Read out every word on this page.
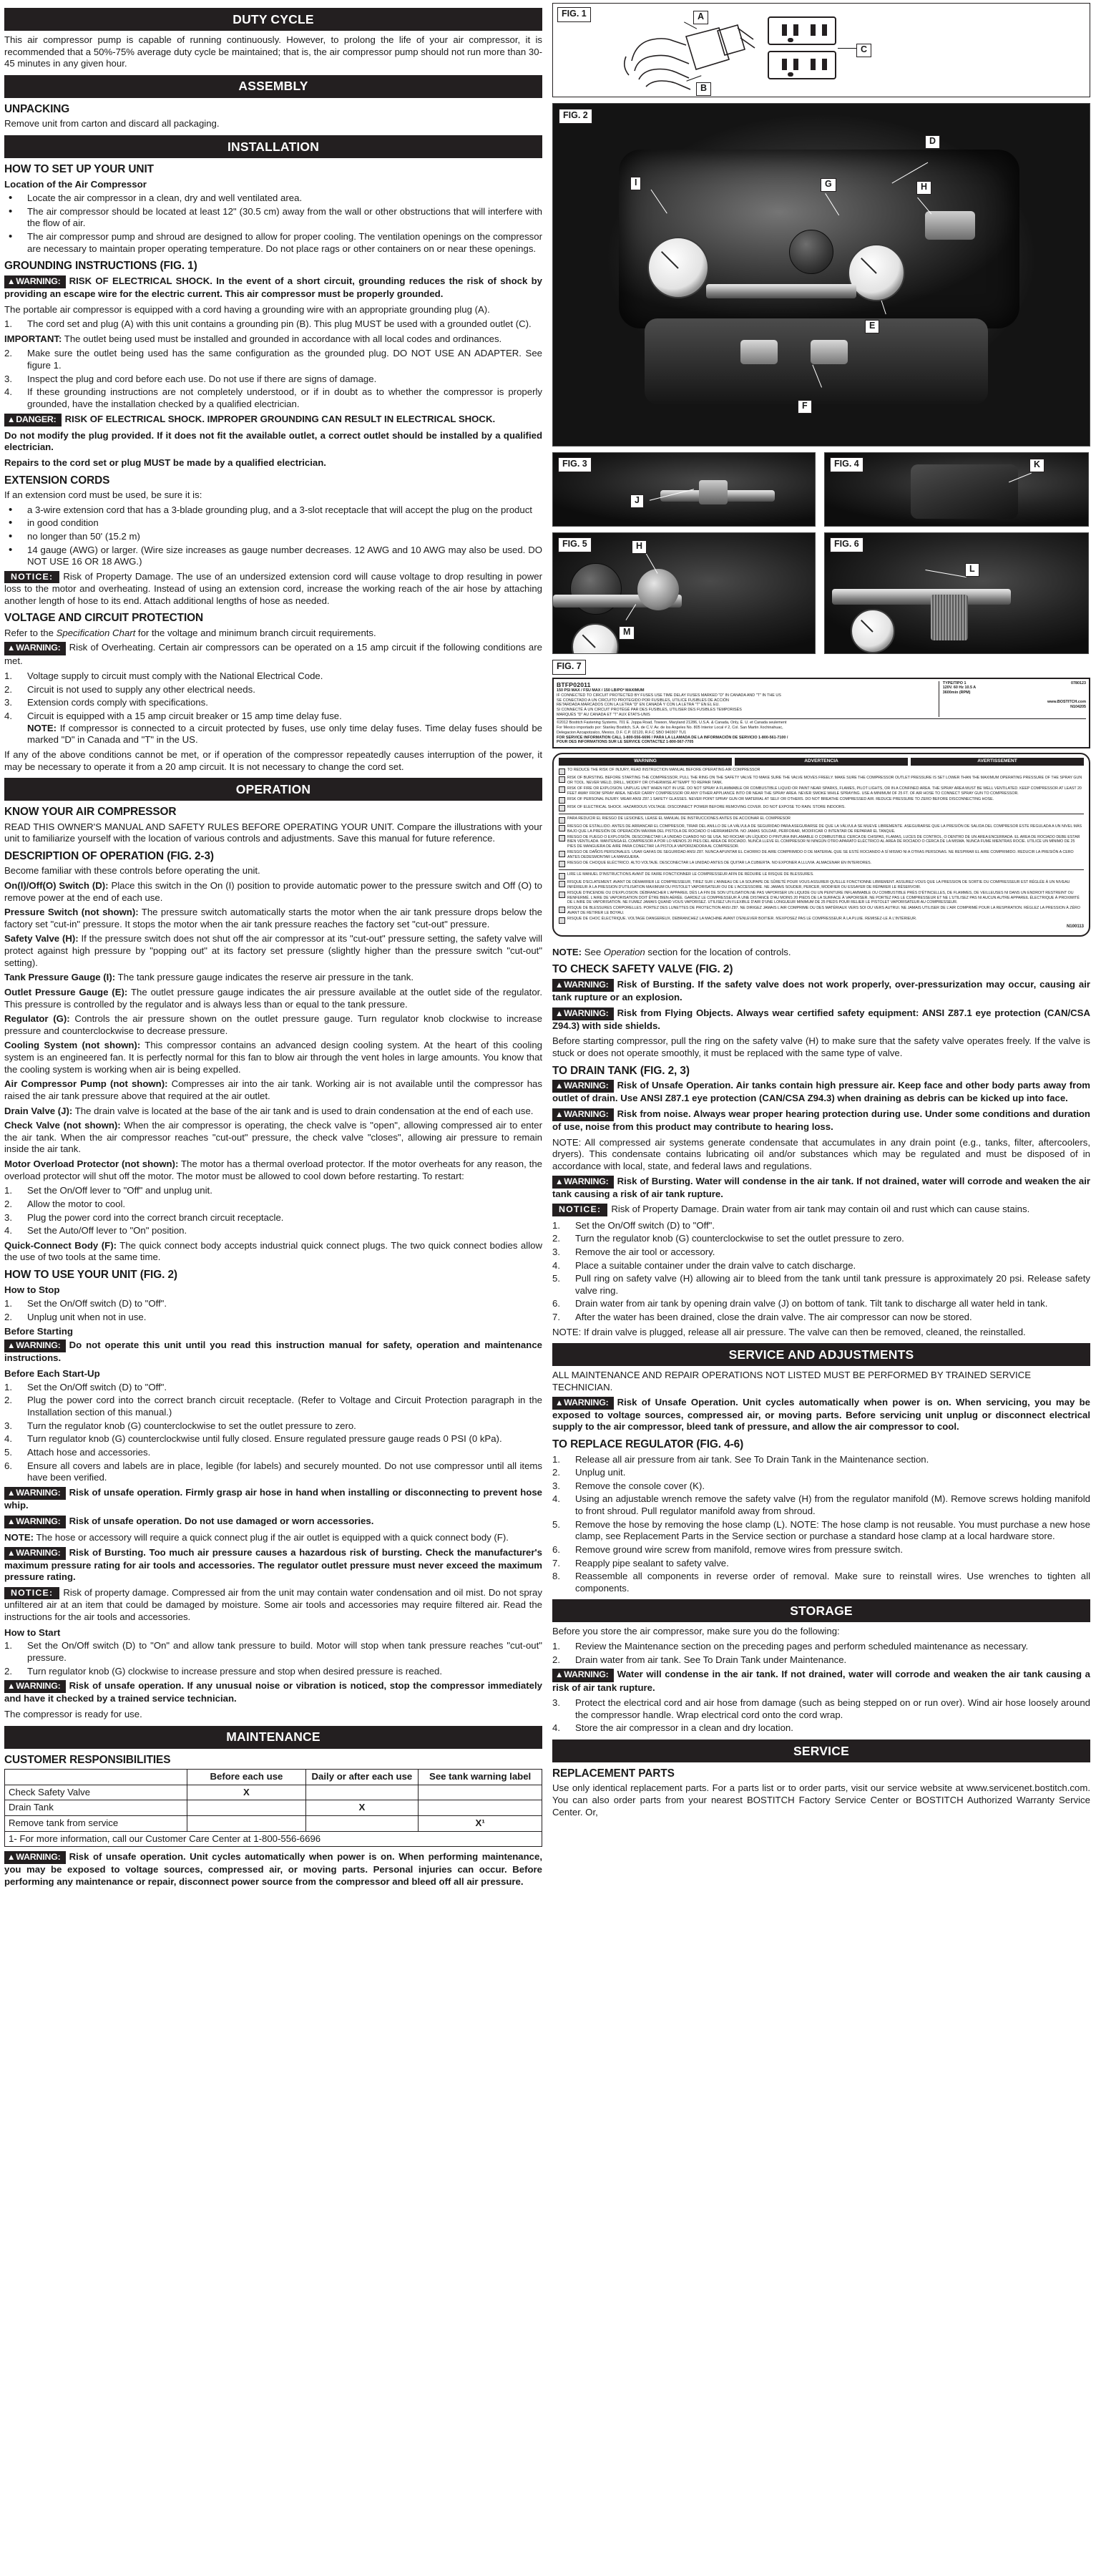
DUTY CYCLE

This air compressor pump is capable of running continuously. However, to prolong the life of your air compressor, it is recommended that a 50%-75% average duty cycle be maintained; that is, the air compressor pump should not run more than 30-45 minutes in any given hour.

ASSEMBLY
UNPACKING

Remove unit from carton and discard all packaging.

INSTALLATION
HOW TO SET UP YOUR UNIT
Location of the Air Compressor
• Locate the air compressor in a clean, dry and well ventilated area.
• The air compressor should be located at least 12" (30.5 cm) away from the wall or other obstructions that will interfere with the flow of air.
• The air compressor pump and shroud are designed to allow for proper cooling. The ventilation openings on the compressor are necessary to maintain proper operating temperature. Do not place rags or other containers on or near these openings.
GROUNDING INSTRUCTIONS (FIG. 1)

▲WARNING: RISK OF ELECTRICAL SHOCK. In the event of a short circuit, grounding reduces the risk of shock by providing an escape wire for the electric current. This air compressor must be properly grounded.

The portable air compressor is equipped with a cord having a grounding wire with an appropriate grounding plug (A).

1.	The cord set and plug (A) with this unit contains a grounding pin (B). This plug MUST be used with a grounded outlet (C).

IMPORTANT: The outlet being used must be installed and grounded in accordance with all local codes and ordinances.

2.	Make sure the outlet being used has the same configuration as the grounded plug. DO NOT USE AN ADAPTER. See figure 1.
3.	Inspect the plug and cord before each use. Do not use if there are signs of damage.
4.	If these grounding instructions are not completely understood, or if in doubt as to whether the compressor is properly grounded, have the installation checked by a qualified electrician.

▲DANGER: RISK OF ELECTRICAL SHOCK. IMPROPER GROUNDING CAN RESULT IN ELECTRICAL SHOCK.

Do not modify the plug provided. If it does not fit the available outlet, a correct outlet should be installed by a qualified electrician.

Repairs to the cord set or plug MUST be made by a qualified electrician.

EXTENSION CORDS

If an extension cord must be used, be sure it is:

• a 3-wire extension cord that has a 3-blade grounding plug, and a 3-slot receptacle that will accept the plug on the product
• in good condition
• no longer than 50' (15.2 m)
• 14 gauge (AWG) or larger. (Wire size increases as gauge number decreases. 12 AWG and 10 AWG may also be used. DO NOT USE 16 OR 18 AWG.)

NOTICE: Risk of Property Damage. The use of an undersized extension cord will cause voltage to drop resulting in power loss to the motor and overheating. Instead of using an extension cord, increase the working reach of the air hose by attaching another length of hose to its end. Attach additional lengths of hose as needed.

VOLTAGE AND CIRCUIT PROTECTION

Refer to the Specification Chart for the voltage and minimum branch circuit requirements.

▲WARNING: Risk of Overheating. Certain air compressors can be operated on a 15 amp circuit if the following conditions are met.

1.	Voltage supply to circuit must comply with the National Electrical Code.
2.	Circuit is not used to supply any other electrical needs.
3.	Extension cords comply with specifications.
4.	Circuit is equipped with a 15 amp circuit breaker or 15 amp time delay fuse.
NOTE: If compressor is connected to a circuit protected by fuses, use only time delay fuses. Time delay fuses should be marked "D" in Canada and "T" in the US.

If any of the above conditions cannot be met, or if operation of the compressor repeatedly causes interruption of the power, it may be necessary to operate it from a 20 amp circuit. It is not necessary to change the cord set.

OPERATION
KNOW YOUR AIR COMPRESSOR

READ THIS OWNER'S MANUAL AND SAFETY RULES BEFORE OPERATING YOUR UNIT. Compare the illustrations with your unit to familiarize yourself with the location of various controls and adjustments. Save this manual for future reference.

DESCRIPTION OF OPERATION (FIG. 2-3)

Become familiar with these controls before operating the unit.

On(I)/Off(O) Switch (D): Place this switch in the On (I) position to provide automatic power to the pressure switch and Off (O) to remove power at the end of each use.

Pressure Switch (not shown): The pressure switch automatically starts the motor when the air tank pressure drops below the factory set "cut-in" pressure. It stops the motor when the air tank pressure reaches the factory set "cut-out" pressure.

Safety Valve (H): If the pressure switch does not shut off the air compressor at its "cut-out" pressure setting, the safety valve will protect against high pressure by "popping out" at its factory set pressure (slightly higher than the pressure switch "cut-out" setting).

Tank Pressure Gauge (I): The tank pressure gauge indicates the reserve air pressure in the tank.

Outlet Pressure Gauge (E): The outlet pressure gauge indicates the air pressure available at the outlet side of the regulator. This pressure is controlled by the regulator and is always less than or equal to the tank pressure.

Regulator (G): Controls the air pressure shown on the outlet pressure gauge. Turn regulator knob clockwise to increase pressure and counterclockwise to decrease pressure.

Cooling System (not shown): This compressor contains an advanced design cooling system. At the heart of this cooling system is an engineered fan. It is perfectly normal for this fan to blow air through the vent holes in large amounts. You know that the cooling system is working when air is being expelled.

Air Compressor Pump (not shown): Compresses air into the air tank. Working air is not available until the compressor has raised the air tank pressure above that required at the air outlet.

Drain Valve (J): The drain valve is located at the base of the air tank and is used to drain condensation at the end of each use.

Check Valve (not shown): When the air compressor is operating, the check valve is "open", allowing compressed air to enter the air tank. When the air compressor reaches "cut-out" pressure, the check valve "closes", allowing air pressure to remain inside the air tank.

Motor Overload Protector (not shown): The motor has a thermal overload protector. If the motor overheats for any reason, the overload protector will shut off the motor. The motor must be allowed to cool down before restarting. To restart:

1.	Set the On/Off lever to "Off" and unplug unit.
2.	Allow the motor to cool.
3.	Plug the power cord into the correct branch circuit receptacle.
4.	Set the Auto/Off lever to "On" position.

Quick-Connect Body (F): The quick connect body accepts industrial quick connect plugs. The two quick connect bodies allow the use of two tools at the same time.

HOW TO USE YOUR UNIT (FIG. 2)
How to Stop
1.	Set the On/Off switch (D) to "Off".
2.	Unplug unit when not in use.
Before Starting

▲WARNING: Do not operate this unit until you read this instruction manual for safety, operation and maintenance instructions.

Before Each Start-Up
1.	Set the On/Off switch (D) to "Off".
2.	Plug the power cord into the correct branch circuit receptacle. (Refer to Voltage and Circuit Protection paragraph in the Installation section of this manual.)
3.	Turn the regulator knob (G) counterclockwise to set the outlet pressure to zero.
4.	Turn regulator knob (G) counterclockwise until fully closed. Ensure regulated pressure gauge reads 0 PSI (0 kPa).
5.	Attach hose and accessories.
6.	Ensure all covers and labels are in place, legible (for labels) and securely mounted. Do not use compressor until all items have been verified.

▲WARNING: Risk of unsafe operation. Firmly grasp air hose in hand when installing or disconnecting to prevent hose whip.

▲WARNING: Risk of unsafe operation. Do not use damaged or worn accessories.

NOTE: The hose or accessory will require a quick connect plug if the air outlet is equipped with a quick connect body (F).

▲WARNING: Risk of Bursting. Too much air pressure causes a hazardous risk of bursting. Check the manufacturer's maximum pressure rating for air tools and accessories. The regulator outlet pressure must never exceed the maximum pressure rating.

NOTICE: Risk of property damage. Compressed air from the unit may contain water condensation and oil mist. Do not spray unfiltered air at an item that could be damaged by moisture. Some air tools and accessories may require filtered air. Read the instructions for the air tools and accessories.

How to Start
1.	Set the On/Off switch (D) to "On" and allow tank pressure to build. Motor will stop when tank pressure reaches "cut-out" pressure.
2.	Turn regulator knob (G) clockwise to increase pressure and stop when desired pressure is reached.

▲WARNING: Risk of unsafe operation. If any unusual noise or vibration is noticed, stop the compressor immediately and have it checked by a trained service technician.

The compressor is ready for use.

MAINTENANCE
CUSTOMER RESPONSIBILITIES
	Before each use	Daily or after each use	See tank warning label
Check Safety Valve	X		
Drain Tank		X	
Remove tank from service			X¹
1- For more information, call our Customer Care Center at 1-800-556-6696			

▲WARNING: Risk of unsafe operation. Unit cycles automatically when power is on. When performing maintenance, you may be exposed to voltage sources, compressed air, or moving parts. Personal injuries can occur. Before performing any maintenance or repair, disconnect power source from the compressor and bleed off all air pressure.

FIG. 1	A
B
C
FIG. 2
D
E
F
G	H
I
FIG. 3
J
FIG. 4	K
FIG. 5	H
M
FIG. 6
L
FIG. 7
BTFP02011
150 PSI MAX / FSU MAX / 150 LB/PO² MAXIMUM
IF CONNECTED TO CIRCUIT PROTECTED BY FUSES USE TIME DELAY FUSES MARKED "D" IN CANADA AND "T" IN THE US
SE CONECTADO A UN CIRCUITO PROTEGIDO POR FUSIBLES, UTILICE FUSIBLES DE ACCIÓN
RETARDADA MARCADOS CON LA LETRA "D" EN CANADÁ Y CON LA LETRA "T" EN EL EU.
SI CONNECTÉ À UN CIRCUIT PROTÉGÉ PAR DES FUSIBLES, UTILISER DES FUSIBLES TEMPORISÉS
MARQUÉS "D" AU CANADA ET "T" AUX ÉTATS-UNIS
TYPE/TIPO 1	0780123
120V. 60 Hz 10.5 A
3600min (RPM)
www.BOSTITCH.com
N104205
©2012 Bostitch Fastening Systems, 701 E. Joppa Road, Towson, Maryland 21286, U.S.A. & Canada, Only, É. U. et Canada seulement
For Mexico importado por: Stanley Bostitch, S.A. de C.V. Av. de los Angeles No. 805 Interior Local # 2, Col. San Martin Xochinahuac,
Delegacion Azcapotzalco, Mexico, D.F. C.P. 02120, R.F.C SBO 940307 TU1
FOR SERVICE INFORMATION CALL 1-800-556-6696 / PARA LA LLAMADA DE LA INFORMACIÓN DE SERVICIO 1-800-561-7100 /
POUR DES INFORMATIONS SUR LE SERVICE CONTACTEZ 1-800-567-7705
WARNING	ADVERTENCIA	AVERTISSEMENT
TO REDUCE THE RISK OF INJURY, READ INSTRUCTION MANUAL BEFORE OPERATING AIR COMPRESSOR
RISK OF BURSTING. BEFORE STARTING THE COMPRESSOR, PULL THE RING ON THE SAFETY VALVE TO MAKE SURE THE VALVE MOVES FREELY. MAKE SURE THE COMPRESSOR OUTLET PRESSURE IS SET LOWER THAN THE MAXIMUM OPERATING PRESSURE OF THE SPRAY GUN OR TOOL. NEVER WELD, DRILL, MODIFY OR OTHERWISE ATTEMPT TO REPAIR TANK.
RISK OF FIRE OR EXPLOSION. UNPLUG UNIT WHEN NOT IN USE. DO NOT SPRAY A FLAMMABLE OR COMBUSTIBLE LIQUID OR PAINT NEAR SPARKS, FLAMES, PILOT LIGHTS, OR IN A CONFINED AREA. THE SPRAY AREA MUST BE WELL VENTILATED. KEEP COMPRESSOR AT LEAST 20 FEET AWAY FROM SPRAY AREA. NEVER CARRY COMPRESSOR OR ANY OTHER APPLIANCE INTO OR NEAR THE SPRAY AREA. NEVER SMOKE WHILE SPRAYING. USE A MINIMUM OF 25 FT. OF AIR HOSE TO CONNECT SPRAY GUN TO COMPRESSOR.
RISK OF PERSONAL INJURY. WEAR ANSI Z87.1 SAFETY GLASSES. NEVER POINT SPRAY GUN OR MATERIAL AT SELF OR OTHERS. DO NOT BREATHE COMPRESSED AIR. REDUCE PRESSURE TO ZERO BEFORE DISCONNECTING HOSE.
RISK OF ELECTRICAL SHOCK. HAZARDOUS VOLTAGE. DISCONNECT POWER BEFORE REMOVING COVER. DO NOT EXPOSE TO RAIN. STORE INDOORS.
PARA REDUCIR EL RIESGO DE LESIONES, LEASE EL MANUAL DE INSTRUCCIONES ANTES DE ACCIONAR EL COMPRESOR
RIESGO DE ESTALLIDO. ANTES DE ARRANCAR EL COMPRESOR, TIRAR DEL ANILLO DE LA VÁLVULA DE SEGURIDAD PARA ASEGURARSE DE QUE LA VÁLVULA SE MUEVE LIBREMENTE. ASEGURARSE QUE LA PRESIÓN DE SALIDA DEL COMPRESOR ESTE REGULADA A UN NIVEL MÁS BAJO QUE LA PRESIÓN DE OPERACIÓN MÁXIMA DEL PISTOLA DE ROCIADO O HERRAMIENTA. NO JAMAS SOLDAR, PERFORAR, MODIFICAR O INTENTAR DE REPARAR EL TANQUE.
RIESGO DE FUEGO O EXPLOSIÓN. DESCONECTAR LA UNIDAD CUANDO NO SE USA. NO ROCIAR UN LÍQUIDO O PINTURA INFLAMABLE O COMBUSTIBLE CERCA DE CHISPAS, FLAMAS, LUCES DE CONTROL, O DENTRO DE UN AREA ENCERRADA. EL AREA DE ROCIADO DEBE ESTAR BIEN VENTILADA. MANTENGA EL COMPRESOR A POR LO MENOS 20 PIES DEL AREA DE ROCIADO. NUNCA LLEVE EL COMPRESOR NI NINGÚN OTRO APARATO ELÉCTRICO AL AREA DE ROCIADO O CERCA DE LA MISMA. NUNCA FUME MIENTRAS ROCIE. UTILICE UN MÍNIMO DE 25 PIES DE MANGUERA DE AIRE PARA CONECTAR LA PISTOLA VAPORIZADORA AL COMPRESOR.
RIESGO DE DAÑOS PERSONALES. USAR GAFAS DE SEGURIDAD ANSI Z87. NUNCA APUNTAR EL CHORRO DE AIRE COMPRIMIDO O DE MATERIAL QUE SE ESTÉ ROCIANDO A SÍ MISMO NI A OTRAS PERSONAS. NE RESPIRAR EL AIRE COMPRIMIDO. REDUCIR LA PRESIÓN A CERO ANTES DEDESMONTAR LA MANGUERA.
RIESGO DE CHOQUE ELÉCTRICO. ALTO VOLTAJE. DESCONECTAR LA UNIDAD ANTES DE QUITAR LA CUBIERTA. NO EXPONER A LLUVIA. ALMACENAR EN INTERIORES.
LIRE LE MANUEL D'INSTRUCTIONS AVANT DE FAIRE FONCTIONNER LE COMPRESSEUR AFIN DE RÉDUIRE LE RISQUE DE BLESSURES.
RISQUE D'ECLATEMENT. AVANT DE DÉMARRER LE COMPRESSEUR, TIREZ SUR L'ANNEAU DE LA SOUPAPE DE SÛRETÉ POUR VOUS ASSURER QU'ELLE FONCTIONNE LIBREMENT. ASSUREZ-VOUS QUE LA PRESSION DE SORTIE DU COMPRESSEUR EST RÉGLÉE À UN NIVEAU INFÉRIEUR À LA PRESSION D'UTILISATION MAXIMUM DU PISTOLET VAPORISATEUR OU DE L'ACCESSOIRE. NE JAMAIS SOUDER, PERCER, MODIFIER OU ESSAYER DE RÉPARER LE RÉSERVOIR.
RISQUE D'INCENDIE OU D'EXPLOSION. DÉBRANCHER L'APPAREIL DÈS LA FIN DE SON UTILISATION.NE PAS VAPORISER UN LIQUIDE OU UN PEINTURE INFLAMMABLE OU COMBUSTIBLE PRÈS D'ÉTINCELLES, DE FLAMMES, DE VEILLEUSES NI DANS UN ENDROIT RESTREINT OU RENFERMÉ. L'AIRE DE VAPORISATION DOIT ÊTRE BIEN AÉRÉE. GARDEZ LE COMPRESSEUR À UNE DISTANCE D'AU MOINS 20 PIEDS DE LA SURFACE À VAPORISER. NE PORTEZ PAS LE COMPRESSEUR ET NE L'UTILISEZ PAS NI AUCUN AUTRE APPAREIL ÉLECTRIQUE À PROXIMITÉ DE L'AIRE DE VAPORISATION. NE FUMEZ JAMAIS QUAND VOUS VAPORISEZ. UTILISEZ UN FLEXIBLE D'AIR D'UNE LONGUEUR MINIMUM DE 25 PIEDS POUR RELIER LE PISTOLET VAPORISATEUR AU COMPRESSEUR.
RISQUE DE BLESSURES CORPORELLES. PORTEZ DES LUNETTES DE PROTECTION ANSI Z87. NE DIRIGEZ JAMAIS L'AIR COMPRIME OU DES MATÉRIAUX VERS SOI OU VERS AUTRUI. NE JAMAIS UTILISER DE L'AIR COMPRIMÉ POUR LA RESPIRATION. RÉGLEZ LA PRESSION À ZÉRO AVANT DE RETIRER LE BOYAU.
RISQUE DE CHOC ÉLECTRIQUE. VOLTAGE DANGEREUX. DEBRANCHEZ LA MACHINE AVANT D'ENLEVER BOITIER. N'EXPOSEZ PAS LE COMPRESSEUR À LA PLUIE. REMISEZ-LE À L'INTÉRIEUR.
N100113

NOTE: See Operation section for the location of controls.

TO CHECK SAFETY VALVE (FIG. 2)

▲WARNING: Risk of Bursting. If the safety valve does not work properly, over-pressurization may occur, causing air tank rupture or an explosion.

▲WARNING: Risk from Flying Objects. Always wear certified safety equipment: ANSI Z87.1 eye protection (CAN/CSA Z94.3) with side shields.

Before starting compressor, pull the ring on the safety valve (H) to make sure that the safety valve operates freely. If the valve is stuck or does not operate smoothly, it must be replaced with the same type of valve.

TO DRAIN TANK (FIG. 2, 3)

▲WARNING: Risk of Unsafe Operation. Air tanks contain high pressure air. Keep face and other body parts away from outlet of drain. Use ANSI Z87.1 eye protection (CAN/CSA Z94.3) when draining as debris can be kicked up into face.

▲WARNING: Risk from noise. Always wear proper hearing protection during use. Under some conditions and duration of use, noise from this product may contribute to hearing loss.

NOTE: All compressed air systems generate condensate that accumulates in any drain point (e.g., tanks, filter, aftercoolers, dryers). This condensate contains lubricating oil and/or substances which may be regulated and must be disposed of in accordance with local, state, and federal laws and regulations.

▲WARNING: Risk of Bursting. Water will condense in the air tank. If not drained, water will corrode and weaken the air tank causing a risk of air tank rupture.

NOTICE: Risk of Property Damage. Drain water from air tank may contain oil and rust which can cause stains.

1.	Set the On/Off switch (D) to "Off".
2.	Turn the regulator knob (G) counterclockwise to set the outlet pressure to zero.
3.	Remove the air tool or accessory.
4.	Place a suitable container under the drain valve to catch discharge.
5.	Pull ring on safety valve (H) allowing air to bleed from the tank until tank pressure is approximately 20 psi. Release safety valve ring.
6.	Drain water from air tank by opening drain valve (J) on bottom of tank. Tilt tank to discharge all water held in tank.
7.	After the water has been drained, close the drain valve. The air compressor can now be stored.

NOTE: If drain valve is plugged, release all air pressure. The valve can then be removed, cleaned, the reinstalled.

SERVICE AND ADJUSTMENTS

ALL MAINTENANCE AND REPAIR OPERATIONS NOT LISTED MUST BE PERFORMED BY TRAINED SERVICE TECHNICIAN.

▲WARNING: Risk of Unsafe Operation. Unit cycles automatically when power is on. When servicing, you may be exposed to voltage sources, compressed air, or moving parts. Before servicing unit unplug or disconnect electrical supply to the air compressor, bleed tank of pressure, and allow the air compressor to cool.

TO REPLACE REGULATOR (FIG. 4-6)
1.	Release all air pressure from air tank. See To Drain Tank in the Maintenance section.
2.	Unplug unit.
3.	Remove the console cover (K).
4.	Using an adjustable wrench remove the safety valve (H) from the regulator manifold (M). Remove screws holding manifold to front shroud. Pull regulator manifold away from shroud.
5.	Remove the hose by removing the hose clamp (L). NOTE: The hose clamp is not reusable. You must purchase a new hose clamp, see Replacement Parts in the Service section or purchase a standard hose clamp at a local hardware store.
6.	Remove ground wire screw from manifold, remove wires from pressure switch.
7.	Reapply pipe sealant to safety valve.
8.	Reassemble all components in reverse order of removal. Make sure to reinstall wires. Use wrenches to tighten all components.
STORAGE

Before you store the air compressor, make sure you do the following:

1.	Review the Maintenance section on the preceding pages and perform scheduled maintenance as necessary.
2.	Drain water from air tank. See To Drain Tank under Maintenance.

▲WARNING: Water will condense in the air tank. If not drained, water will corrode and weaken the air tank causing a risk of air tank rupture.

3.	Protect the electrical cord and air hose from damage (such as being stepped on or run over). Wind air hose loosely around the compressor handle. Wrap electrical cord onto the cord wrap.
4.	Store the air compressor in a clean and dry location.
SERVICE
REPLACEMENT PARTS

Use only identical replacement parts. For a parts list or to order parts, visit our service website at www.servicenet.bostitch.com. You can also order parts from your nearest BOSTITCH Factory Service Center or BOSTITCH Authorized Warranty Service Center. Or,
